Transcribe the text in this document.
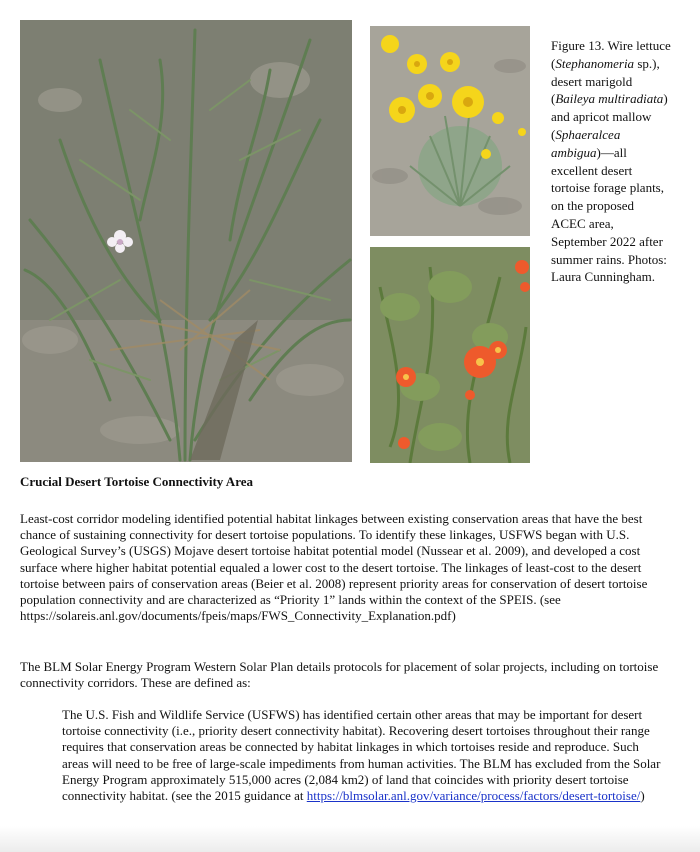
Figure 13. Wire lettuce (Stephanomeria sp.), desert marigold (Baileya multiradiata) and apricot mallow (Sphaeralcea ambigua)—all excellent desert tortoise forage plants, on the proposed ACEC area, September 2022 after summer rains. Photos: Laura Cunningham.
Crucial Desert Tortoise Connectivity Area

Least-cost corridor modeling identified potential habitat linkages between existing conservation areas that have the best chance of sustaining connectivity for desert tortoise populations. To identify these linkages, USFWS began with U.S. Geological Survey’s (USGS) Mojave desert tortoise habitat potential model (Nussear et al. 2009), and developed a cost surface where higher habitat potential equaled a lower cost to the desert tortoise. The linkages of least-cost to the desert tortoise between pairs of conservation areas (Beier et al. 2008) represent priority areas for conservation of desert tortoise population connectivity and are characterized as “Priority 1” lands within the context of the SPEIS. (see https://solareis.anl.gov/documents/fpeis/maps/FWS_Connectivity_Explanation.pdf)

The BLM Solar Energy Program Western Solar Plan details protocols for placement of solar projects, including on tortoise connectivity corridors. These are defined as:

The U.S. Fish and Wildlife Service (USFWS) has identified certain other areas that may be important for desert tortoise connectivity (i.e., priority desert connectivity habitat). Recovering desert tortoises throughout their range requires that conservation areas be connected by habitat linkages in which tortoises reside and reproduce. Such areas will need to be free of large-scale impediments from human activities. The BLM has excluded from the Solar Energy Program approximately 515,000 acres (2,084 km2) of land that coincides with priority desert tortoise connectivity habitat. (see the 2015 guidance at https://blmsolar.anl.gov/variance/process/factors/desert-tortoise/)
